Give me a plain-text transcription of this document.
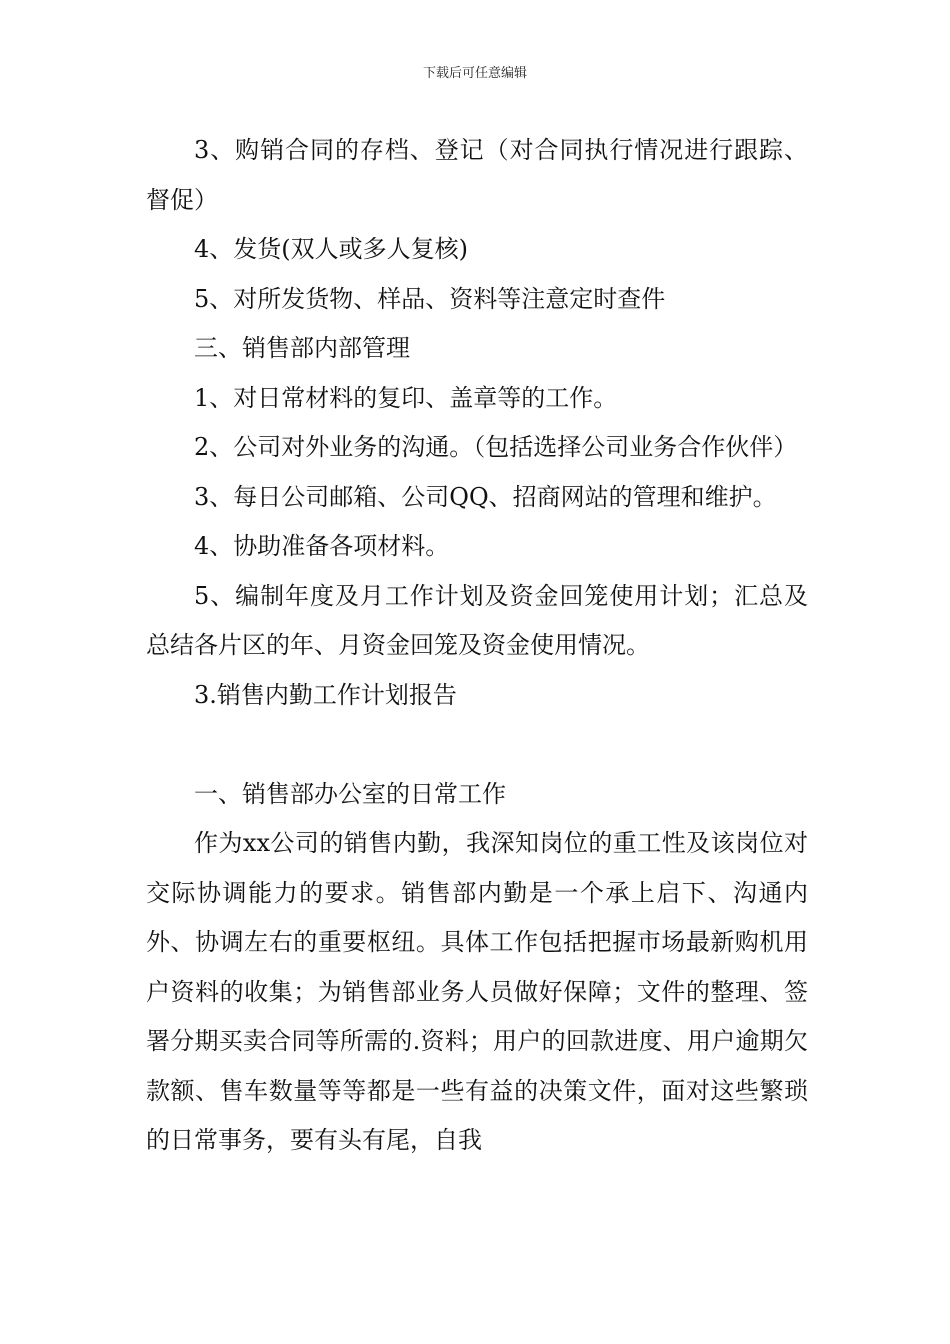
下载后可任意编辑

3、购销合同的存档、登记（对合同执行情况进行跟踪、督促）

4、发货(双人或多人复核)

5、对所发货物、样品、资料等注意定时查件

三、销售部内部管理

1、对日常材料的复印、盖章等的工作。

2、公司对外业务的沟通。（包括选择公司业务合作伙伴）

3、每日公司邮箱、公司QQ、招商网站的管理和维护。

4、协助准备各项材料。

5、编制年度及月工作计划及资金回笼使用计划；汇总及总结各片区的年、月资金回笼及资金使用情况。

3.销售内勤工作计划报告

一、销售部办公室的日常工作

作为xx公司的销售内勤，我深知岗位的重工性及该岗位对交际协调能力的要求。销售部内勤是一个承上启下、沟通内外、协调左右的重要枢纽。具体工作包括把握市场最新购机用户资料的收集；为销售部业务人员做好保障；文件的整理、签署分期买卖合同等所需的.资料；用户的回款进度、用户逾期欠款额、售车数量等等都是一些有益的决策文件，面对这些繁琐的日常事务，要有头有尾，自我
